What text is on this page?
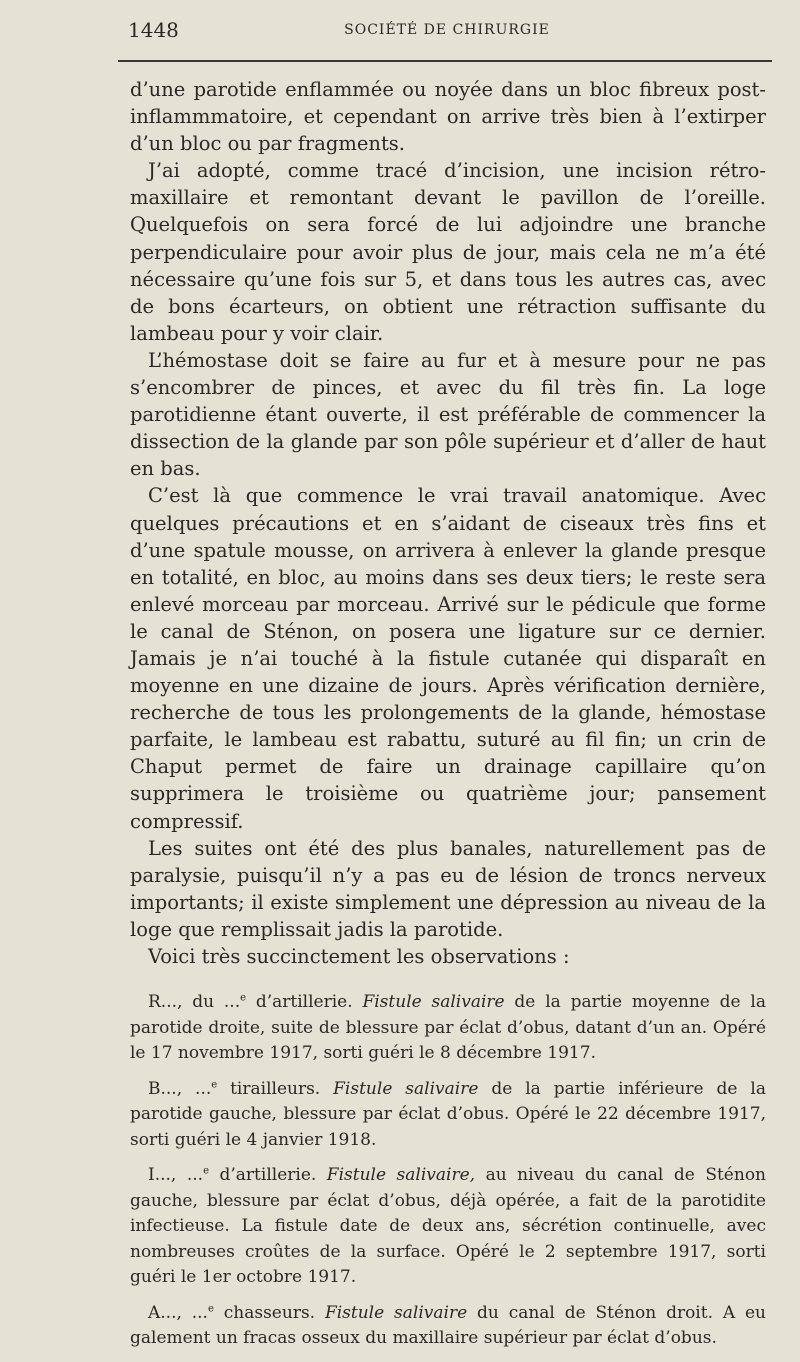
1448	SOCIÉTÉ DE CHIRURGIE

d’une parotide enflammée ou noyée dans un bloc fibreux post-inflammmatoire, et cependant on arrive très bien à l’extirper d’un bloc ou par fragments.

J’ai adopté, comme tracé d’incision, une incision rétro-maxillaire et remontant devant le pavillon de l’oreille. Quelquefois on sera forcé de lui adjoindre une branche perpendiculaire pour avoir plus de jour, mais cela ne m’a été nécessaire qu’une fois sur 5, et dans tous les autres cas, avec de bons écarteurs, on obtient une rétraction suffisante du lambeau pour y voir clair.

L’hémostase doit se faire au fur et à mesure pour ne pas s’encombrer de pinces, et avec du fil très fin. La loge parotidienne étant ouverte, il est préférable de commencer la dissection de la glande par son pôle supérieur et d’aller de haut en bas.

C’est là que commence le vrai travail anatomique. Avec quelques précautions et en s’aidant de ciseaux très fins et d’une spatule mousse, on arrivera à enlever la glande presque en totalité, en bloc, au moins dans ses deux tiers; le reste sera enlevé morceau par morceau. Arrivé sur le pédicule que forme le canal de Sténon, on posera une ligature sur ce dernier. Jamais je n’ai touché à la fistule cutanée qui disparaît en moyenne en une dizaine de jours. Après vérification dernière, recherche de tous les prolongements de la glande, hémostase parfaite, le lambeau est rabattu, suturé au fil fin; un crin de Chaput permet de faire un drainage capillaire qu’on supprimera le troisième ou quatrième jour; pansement compressif.

Les suites ont été des plus banales, naturellement pas de paralysie, puisqu’il n’y a pas eu de lésion de troncs nerveux importants; il existe simplement une dépression au niveau de la loge que remplissait jadis la parotide.

Voici très succinctement les observations :

R..., du ...$^e$ d’artillerie. Fistule salivaire de la partie moyenne de la parotide droite, suite de blessure par éclat d’obus, datant d’un an. Opéré le 17 novembre 1917, sorti guéri le 8 décembre 1917.

B..., ...$^e$ tirailleurs. Fistule salivaire de la partie inférieure de la parotide gauche, blessure par éclat d’obus. Opéré le 22 décembre 1917, sorti guéri le 4 janvier 1918.

I..., ...$^e$ d’artillerie. Fistule salivaire, au niveau du canal de Sténon gauche, blessure par éclat d’obus, déjà opérée, a fait de la parotidite infectieuse. La fistule date de deux ans, sécrétion continuelle, avec nombreuses croûtes de la surface. Opéré le 2 septembre 1917, sorti guéri le 1er octobre 1917.

A..., ...$^e$ chasseurs. Fistule salivaire du canal de Sténon droit. A eu galement un fracas osseux du maxillaire supérieur par éclat d’obus.
